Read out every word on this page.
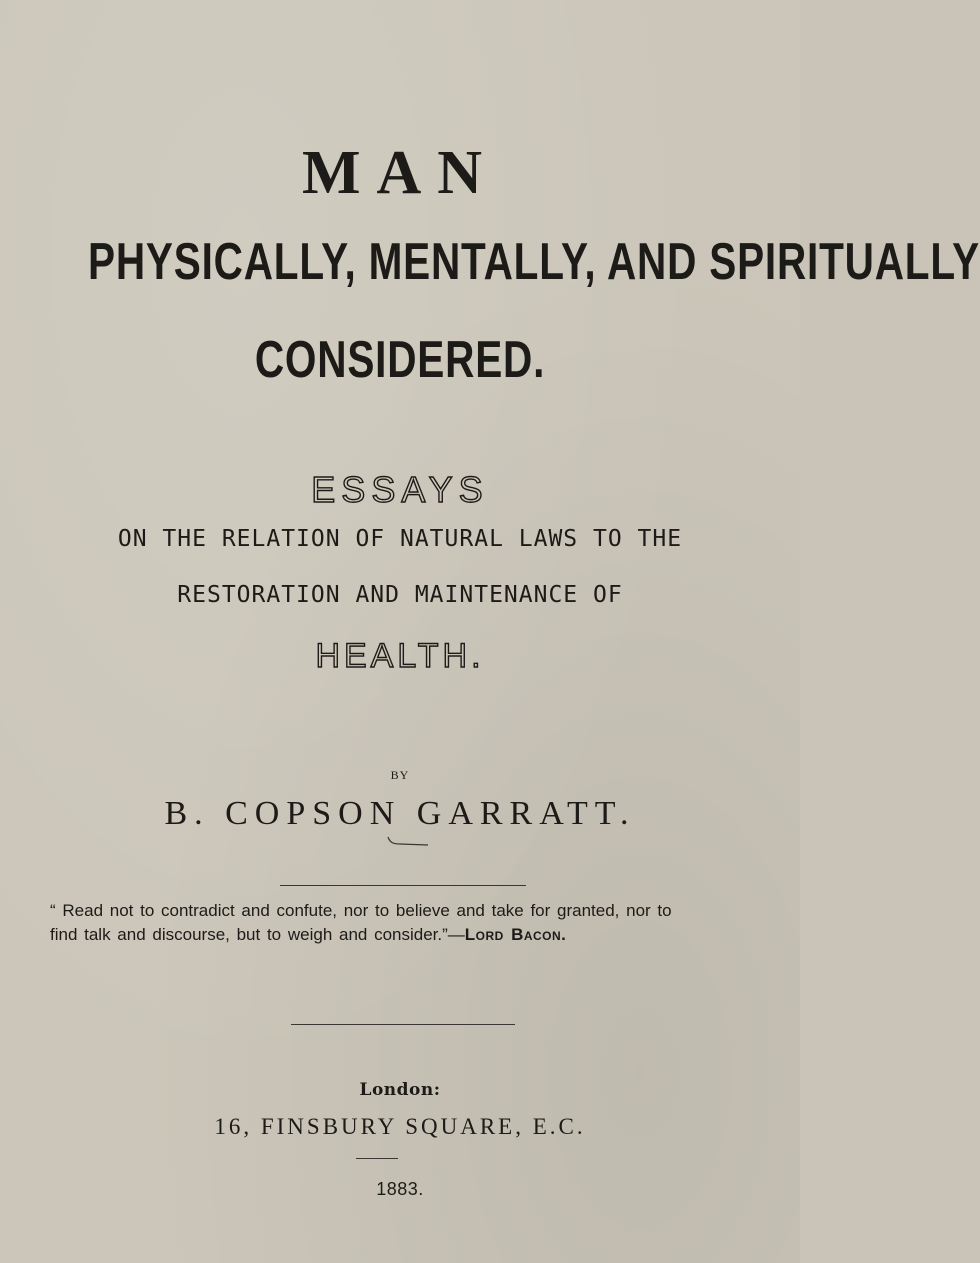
MAN
PHYSICALLY, MENTALLY, AND SPIRITUALLY
CONSIDERED.
ESSAYS
ON THE RELATION OF NATURAL LAWS TO THE
RESTORATION AND MAINTENANCE OF
HEALTH.
BY
B. COPSON GARRATT.
“ Read not to contradict and confute, nor to believe and take for granted, nor to
find talk and discourse, but to weigh and consider.”—Lord Bacon.
London:
16, FINSBURY SQUARE, E.C.
1883.
